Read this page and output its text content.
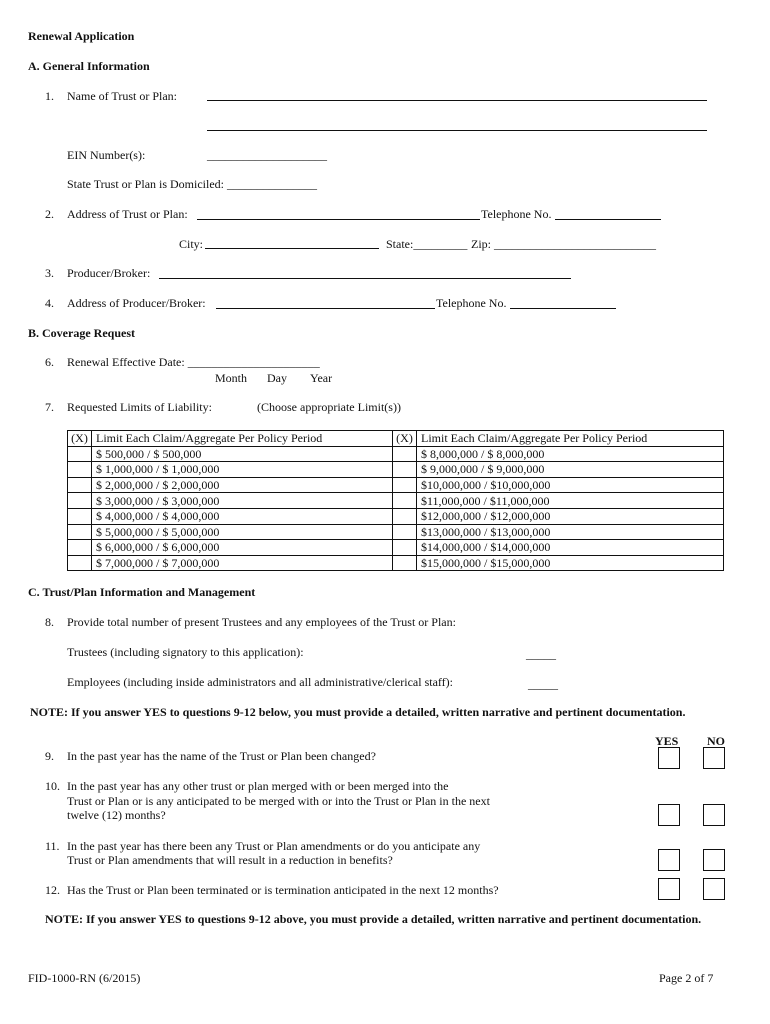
Renewal Application
A. General Information
1. Name of Trust or Plan:
EIN Number(s):	____________________
State Trust or Plan is Domiciled: _______________
2. Address of Trust or Plan:	Telephone No.
City:	State:_________ Zip: ___________________________
3. Producer/Broker:
4. Address of Producer/Broker:	Telephone No.
B. Coverage Request
6. Renewal Effective Date: ______________________
Month Day Year
7. Requested Limits of Liability:	(Choose appropriate Limit(s))
(X)	Limit Each Claim/Aggregate Per Policy Period	(X)	Limit Each Claim/Aggregate Per Policy Period
	$ 500,000 / $ 500,000		$ 8,000,000 / $ 8,000,000
	$ 1,000,000 / $ 1,000,000		$ 9,000,000 / $ 9,000,000
	$ 2,000,000 / $ 2,000,000		$10,000,000 / $10,000,000
	$ 3,000,000 / $ 3,000,000		$11,000,000 / $11,000,000
	$ 4,000,000 / $ 4,000,000		$12,000,000 / $12,000,000
	$ 5,000,000 / $ 5,000,000		$13,000,000 / $13,000,000
	$ 6,000,000 / $ 6,000,000		$14,000,000 / $14,000,000
	$ 7,000,000 / $ 7,000,000		$15,000,000 / $15,000,000
C. Trust/Plan Information and Management
8. Provide total number of present Trustees and any employees of the Trust or Plan:
Trustees (including signatory to this application):	_____
Employees (including inside administrators and all administrative/clerical staff):	_____
NOTE: If you answer YES to questions 9-12 below, you must provide a detailed, written narrative and pertinent documentation.
YES NO
9. In the past year has the name of the Trust or Plan been changed?
10. In the past year has any other trust or plan merged with or been merged into the
Trust or Plan or is any anticipated to be merged with or into the Trust or Plan in the next
twelve (12) months?
11. In the past year has there been any Trust or Plan amendments or do you anticipate any
Trust or Plan amendments that will result in a reduction in benefits?
12. Has the Trust or Plan been terminated or is termination anticipated in the next 12 months?
NOTE: If you answer YES to questions 9-12 above, you must provide a detailed, written narrative and pertinent documentation.
FID-1000-RN (6/2015)	Page 2 of 7
